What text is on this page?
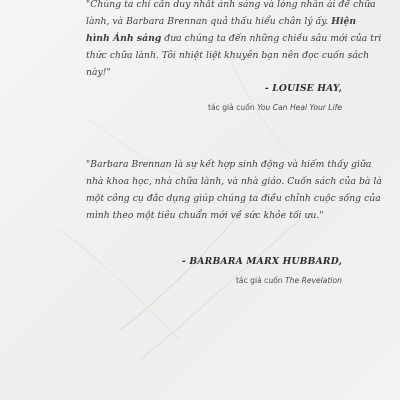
"Chúng ta chỉ cần duy nhất ánh sáng và lòng nhân ái để chữa lành, và Barbara Brennan quả thấu hiểu chân lý ấy. Hiện hình Ánh sáng đưa chúng ta đến những chiều sâu mới của tri thức chữa lành. Tôi nhiệt liệt khuyên bạn nên đọc cuốn sách này!"
- LOUISE HAY,
tác giả cuốn You Can Heal Your Life
"Barbara Brennan là sự kết hợp sinh động và hiếm thấy giữa nhà khoa học, nhà chữa lành, và nhà giáo. Cuốn sách của bà là một công cụ đắc dụng giúp chúng ta điều chỉnh cuộc sống của mình theo một tiêu chuẩn mới về sức khỏe tối ưu."
- BARBARA MARX HUBBARD,
tác giả cuốn The Revelation
